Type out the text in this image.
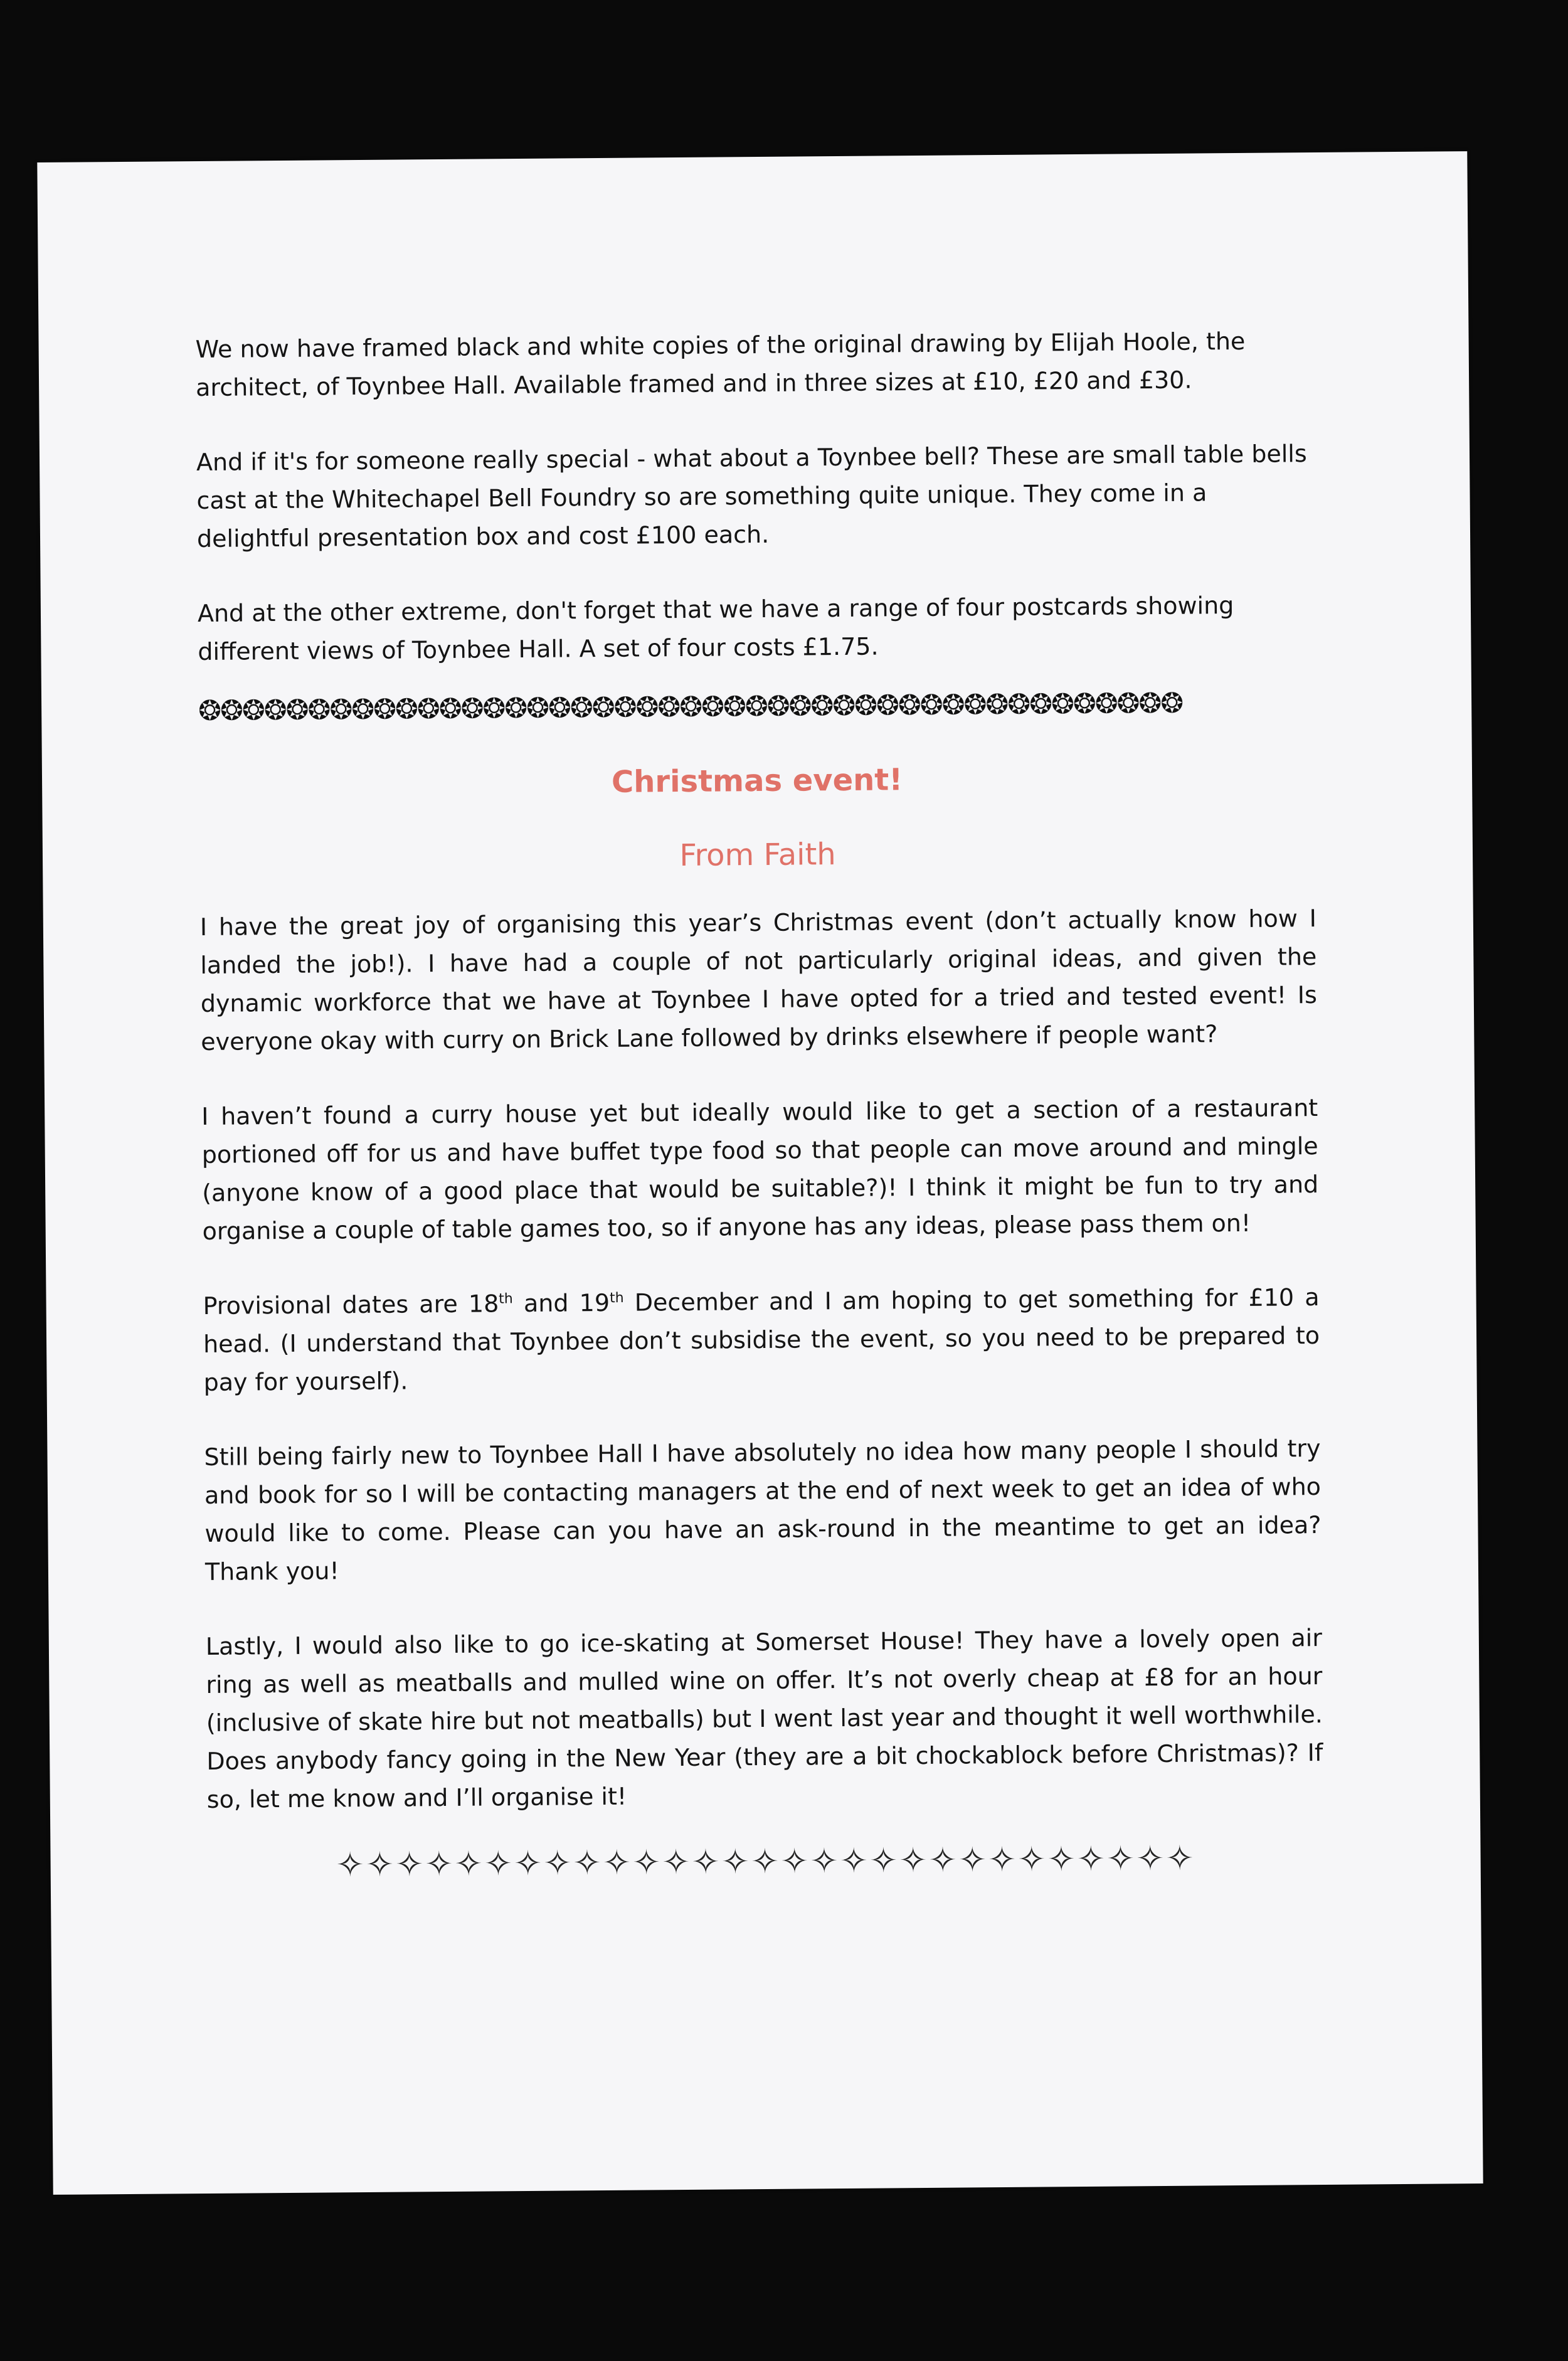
We now have framed black and white copies of the original drawing by Elijah Hoole, the architect, of Toynbee Hall. Available framed and in three sizes at £10, £20 and £30.

And if it's for someone really special - what about a Toynbee bell? These are small table bells cast at the Whitechapel Bell Foundry so are something quite unique. They come in a delightful presentation box and cost £100 each.

And at the other extreme, don't forget that we have a range of four postcards showing different views of Toynbee Hall. A set of four costs £1.75.

❂❂❂❂❂❂❂❂❂❂❂❂❂❂❂❂❂❂❂❂❂❂❂❂❂❂❂❂❂❂❂❂❂❂❂❂❂❂❂❂❂❂❂❂❂
Christmas event!
From Faith

I have the great joy of organising this year’s Christmas event (don’t actually know how I landed the job!). I have had a couple of not particularly original ideas, and given the dynamic workforce that we have at Toynbee I have opted for a tried and tested event! Is everyone okay with curry on Brick Lane followed by drinks elsewhere if people want?

I haven’t found a curry house yet but ideally would like to get a section of a restaurant portioned off for us and have buffet type food so that people can move around and mingle (anyone know of a good place that would be suitable?)! I think it might be fun to try and organise a couple of table games too, so if anyone has any ideas, please pass them on!

Provisional dates are 18th and 19th December and I am hoping to get something for £10 a head. (I understand that Toynbee don’t subsidise the event, so you need to be prepared to pay for yourself).

Still being fairly new to Toynbee Hall I have absolutely no idea how many people I should try and book for so I will be contacting managers at the end of next week to get an idea of who would like to come. Please can you have an ask-round in the meantime to get an idea? Thank you!

Lastly, I would also like to go ice-skating at Somerset House! They have a lovely open air ring as well as meatballs and mulled wine on offer. It’s not overly cheap at £8 for an hour (inclusive of skate hire but not meatballs) but I went last year and thought it well worthwhile. Does anybody fancy going in the New Year (they are a bit chockablock before Christmas)? If so, let me know and I’ll organise it!

✧✧✧✧✧✧✧✧✧✧✧✧✧✧✧✧✧✧✧✧✧✧✧✧✧✧✧✧✧
